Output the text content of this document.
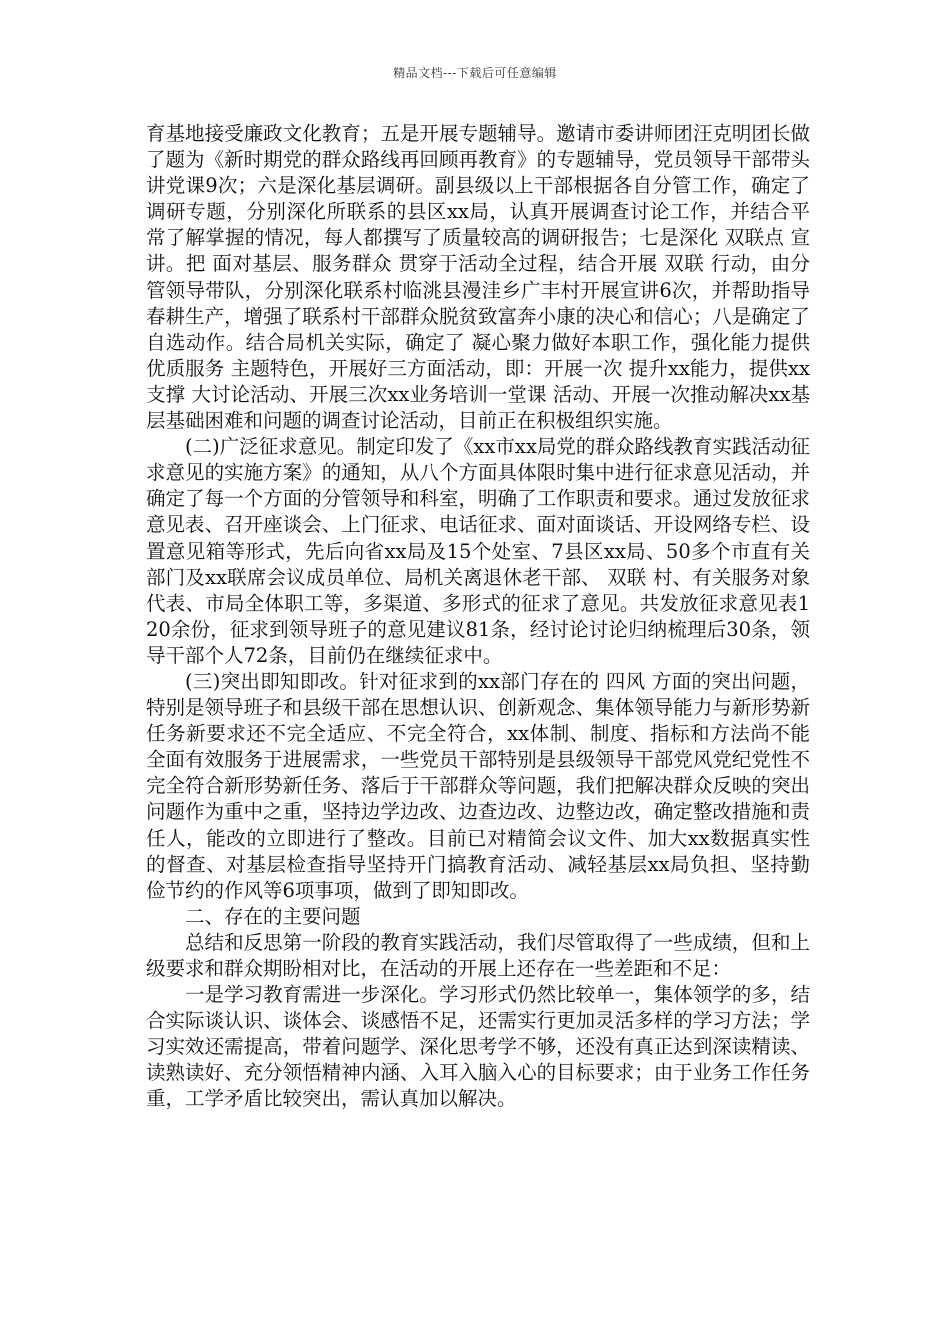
精品文档---下载后可任意编辑

育基地接受廉政文化教育；五是开展专题辅导。邀请市委讲师团汪克明团长做了题为《新时期党的群众路线再回顾再教育》的专题辅导，党员领导干部带头讲党课9次；六是深化基层调研。副县级以上干部根据各自分管工作，确定了调研专题，分别深化所联系的县区xx局，认真开展调查讨论工作，并结合平常了解掌握的情况，每人都撰写了质量较高的调研报告；七是深化 双联点 宣讲。把 面对基层、服务群众 贯穿于活动全过程，结合开展 双联 行动，由分管领导带队，分别深化联系村临洮县漫洼乡广丰村开展宣讲6次，并帮助指导春耕生产，增强了联系村干部群众脱贫致富奔小康的决心和信心；八是确定了自选动作。结合局机关实际，确定了 凝心聚力做好本职工作，强化能力提供优质服务 主题特色，开展好三方面活动，即：开展一次 提升xx能力，提供xx支撑 大讨论活动、开展三次xx业务培训一堂课 活动、开展一次推动解决xx基层基础困难和问题的调查讨论活动，目前正在积极组织实施。

(二)广泛征求意见。制定印发了《xx市xx局党的群众路线教育实践活动征求意见的实施方案》的通知，从八个方面具体限时集中进行征求意见活动，并确定了每一个方面的分管领导和科室，明确了工作职责和要求。通过发放征求意见表、召开座谈会、上门征求、电话征求、面对面谈话、开设网络专栏、设置意见箱等形式，先后向省xx局及15个处室、7县区xx局、50多个市直有关部门及xx联席会议成员单位、局机关离退休老干部、 双联 村、有关服务对象代表、市局全体职工等，多渠道、多形式的征求了意见。共发放征求意见表120余份，征求到领导班子的意见建议81条，经讨论讨论归纳梳理后30条，领导干部个人72条，目前仍在继续征求中。

(三)突出即知即改。针对征求到的xx部门存在的 四风 方面的突出问题，特别是领导班子和县级干部在思想认识、创新观念、集体领导能力与新形势新任务新要求还不完全适应、不完全符合，xx体制、制度、指标和方法尚不能全面有效服务于进展需求，一些党员干部特别是县级领导干部党风党纪党性不完全符合新形势新任务、落后于干部群众等问题，我们把解决群众反映的突出问题作为重中之重，坚持边学边改、边查边改、边整边改，确定整改措施和责任人，能改的立即进行了整改。目前已对精简会议文件、加大xx数据真实性的督查、对基层检查指导坚持开门搞教育活动、减轻基层xx局负担、坚持勤俭节约的作风等6项事项，做到了即知即改。

二、存在的主要问题

总结和反思第一阶段的教育实践活动，我们尽管取得了一些成绩，但和上级要求和群众期盼相对比，在活动的开展上还存在一些差距和不足：

一是学习教育需进一步深化。学习形式仍然比较单一，集体领学的多，结合实际谈认识、谈体会、谈感悟不足，还需实行更加灵活多样的学习方法；学习实效还需提高，带着问题学、深化思考学不够，还没有真正达到深读精读、读熟读好、充分领悟精神内涵、入耳入脑入心的目标要求；由于业务工作任务重，工学矛盾比较突出，需认真加以解决。
